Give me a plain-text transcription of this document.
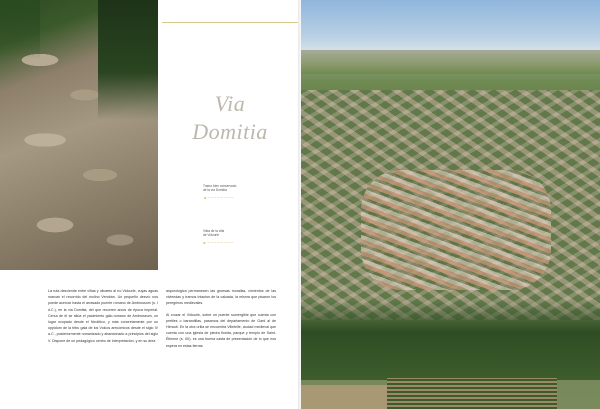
Via
Domitia
Tramo bien conservado
de la vía Domitia
◄ ─ ─ ─ ─ ─ ─ ─ ─
Vista de la villa
de Vidourle
► ─ ─ ─ ─ ─ ─ ─ ─

La ruta desciende entre viñas y olivares al río Vidourle, cuyas aguas marcan el recorrido del molino Vendrán. Un pequeño desvío nos puede acercar hasta el arrasado puente romano de Ambrussum (s. I d.C.), en la vía Domitia, del que recorren arcos de época imperial. Cerca de él se sitúa el yacimiento galo-romano de Ambrussum, un lugar ocupado desde el Neolítico, y más concretamente por un oppidum de la tribu gala de los Volcos arecómicos desde el siglo IV a.C., posteriormente romanizado y abandonado a principios del siglo V. Dispone de un pedagógico centro de interpretación, y en su área

arqueológica permanecen las gruesas murallas, cimientos de las viviendas y tramos intactos de la calzada, la misma que pisaron los peregrinos medievales.

Al cruzar el Vidourle, sobre un puente sumergible que cuenta con pretiles o barandillas, pasamos del departamento de Gard al de Hérault. En la otra orilla se encuentra Villetelle, ciudad medieval que cuenta con una iglesia de piedra florida, parque y templo de Saint-Étienne (s. XII), es una buena casta de presentación de lo que nos espera en estas tierras.
